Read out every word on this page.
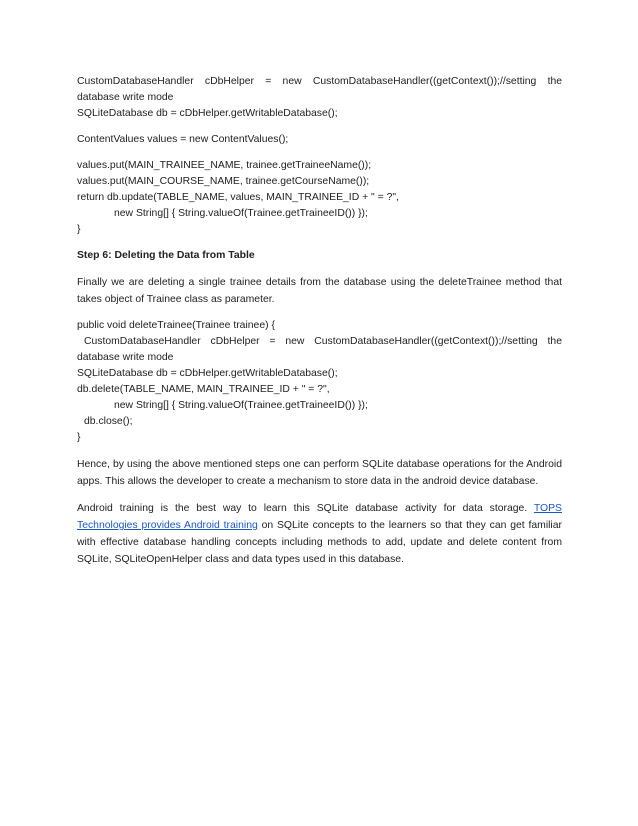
CustomDatabaseHandler cDbHelper = new CustomDatabaseHandler((getContext());//setting the
database write mode
SQLiteDatabase db = cDbHelper.getWritableDatabase();
ContentValues values = new ContentValues();
values.put(MAIN_TRAINEE_NAME, trainee.getTraineeName());
values.put(MAIN_COURSE_NAME, trainee.getCourseName());
return db.update(TABLE_NAME, values, MAIN_TRAINEE_ID + " = ?",
new String[] { String.valueOf(Trainee.getTraineeID()) });
}
Step 6: Deleting the Data from Table
Finally we are deleting a single trainee details from the database using the deleteTrainee method that takes object of Trainee class as parameter.
public void deleteTrainee(Trainee trainee) {
CustomDatabaseHandler cDbHelper = new CustomDatabaseHandler((getContext());//setting the
database write mode
SQLiteDatabase db = cDbHelper.getWritableDatabase();
db.delete(TABLE_NAME, MAIN_TRAINEE_ID + " = ?",
new String[] { String.valueOf(Trainee.getTraineeID()) });
db.close();
}
Hence, by using the above mentioned steps one can perform SQLite database operations for the Android apps. This allows the developer to create a mechanism to store data in the android device database.
Android training is the best way to learn this SQLite database activity for data storage. TOPS Technologies provides Android training on SQLite concepts to the learners so that they can get familiar with effective database handling concepts including methods to add, update and delete content from SQLite, SQLiteOpenHelper class and data types used in this database.
